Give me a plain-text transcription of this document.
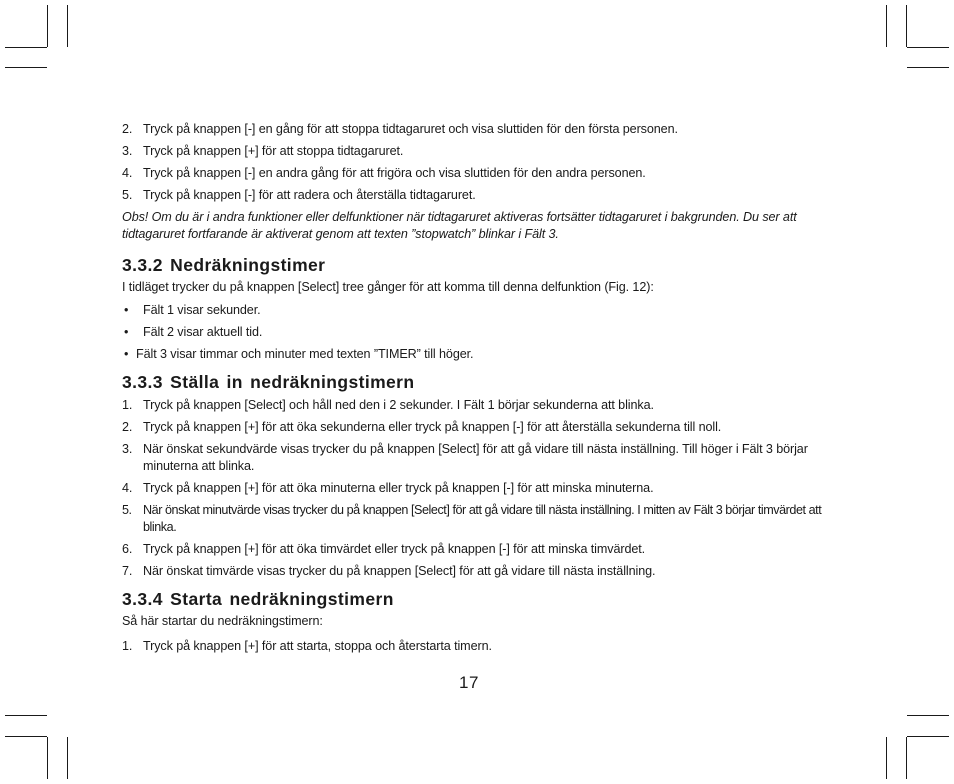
2. Tryck på knappen [-] en gång för att stoppa tidtagaruret och visa sluttiden för den första personen.
3. Tryck på knappen [+] för att stoppa tidtagaruret.
4. Tryck på knappen [-] en andra gång för att frigöra och visa sluttiden för den andra personen.
5. Tryck på knappen [-] för att radera och återställa tidtagaruret.
Obs! Om du är i andra funktioner eller delfunktioner när tidtagaruret aktiveras fortsätter tidtagaruret i bakgrunden. Du ser att tidtagaruret fortfarande är aktiverat genom att texten ”stopwatch” blinkar i Fält 3.
3.3.2 Nedräkningstimer
I tidläget trycker du på knappen [Select] tree gånger för att komma till denna delfunktion (Fig. 12):
•	Fält 1 visar sekunder.
•	Fält 2 visar aktuell tid.
• Fält 3 visar timmar och minuter med texten ”TIMER” till höger.
3.3.3 Ställa in nedräkningstimern
1. Tryck på knappen [Select] och håll ned den i 2 sekunder. I Fält 1 börjar sekunderna att blinka.
2. Tryck på knappen [+] för att öka sekunderna eller tryck på knappen [-] för att återställa sekunderna till noll.
3. När önskat sekundvärde visas trycker du på knappen [Select] för att gå vidare till nästa inställning. Till höger i Fält 3 börjar minuterna att blinka.
4. Tryck på knappen [+] för att öka minuterna eller tryck på knappen [-] för att minska minuterna.
5. När önskat minutvärde visas trycker du på knappen [Select] för att gå vidare till nästa inställning. I mitten av Fält 3 börjar timvärdet att blinka.
6. Tryck på knappen [+] för att öka timvärdet eller tryck på knappen [-] för att minska timvärdet.
7. När önskat timvärde visas trycker du på knappen [Select] för att gå vidare till nästa inställning.
3.3.4 Starta nedräkningstimern
Så här startar du nedräkningstimern:
1. Tryck på knappen [+] för att starta, stoppa och återstarta timern.
17
